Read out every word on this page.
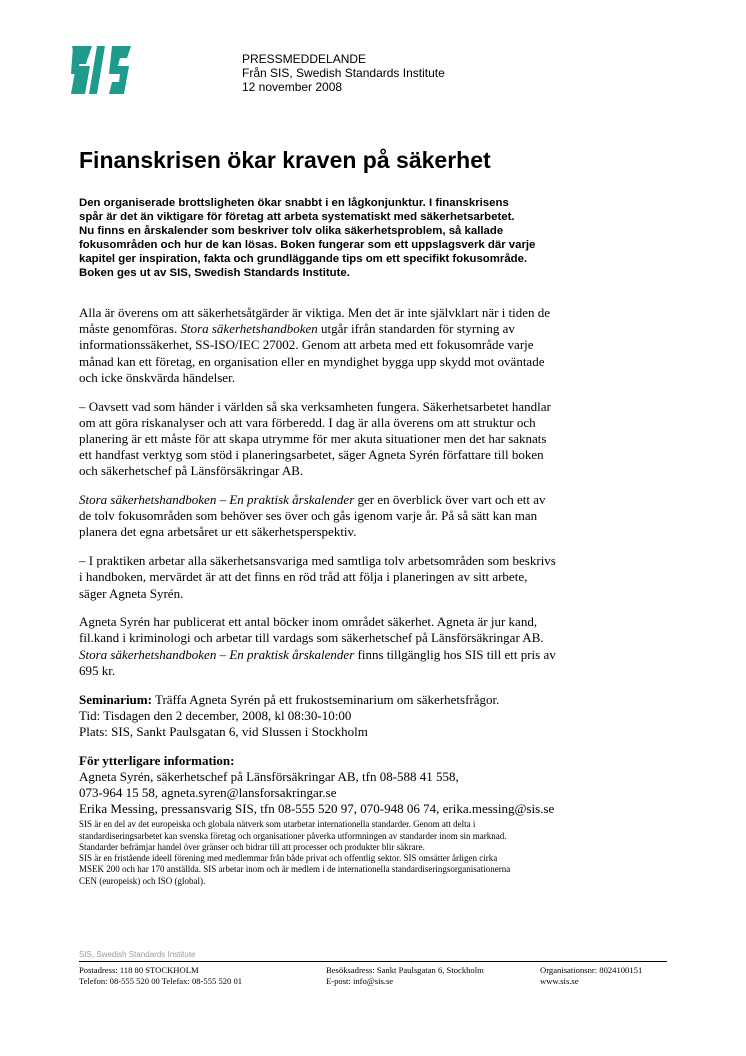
PRESSMEDDELANDE
Från SIS, Swedish Standards Institute
12 november 2008
Finanskrisen ökar kraven på säkerhet

Den organiserade brottsligheten ökar snabbt i en lågkonjunktur. I finanskrisens

spår är det än viktigare för företag att arbeta systematiskt med säkerhetsarbetet.

Nu finns en årskalender som beskriver tolv olika säkerhetsproblem, så kallade

fokusområden och hur de kan lösas. Boken fungerar som ett uppslagsverk där varje

kapitel ger inspiration, fakta och grundläggande tips om ett specifikt fokusområde.

Boken ges ut av SIS, Swedish Standards Institute.

Alla är överens om att säkerhetsåtgärder är viktiga. Men det är inte självklart när i tiden de
måste genomföras. Stora säkerhetshandboken utgår ifrån standarden för styrning av
informationssäkerhet, SS-ISO/IEC 27002. Genom att arbeta med ett fokusområde varje
månad kan ett företag, en organisation eller en myndighet bygga upp skydd mot oväntade
och icke önskvärda händelser.

– Oavsett vad som händer i världen så ska verksamheten fungera. Säkerhetsarbetet handlar
om att göra riskanalyser och att vara förberedd. I dag är alla överens om att struktur och
planering är ett måste för att skapa utrymme för mer akuta situationer men det har saknats
ett handfast verktyg som stöd i planeringsarbetet, säger Agneta Syrén författare till boken
och säkerhetschef på Länsförsäkringar AB.

Stora säkerhetshandboken – En praktisk årskalender ger en överblick över vart och ett av
de tolv fokusområden som behöver ses över och gås igenom varje år. På så sätt kan man
planera det egna arbetsåret ur ett säkerhetsperspektiv.

– I praktiken arbetar alla säkerhetsansvariga med samtliga tolv arbetsområden som beskrivs
i handboken, mervärdet är att det finns en röd tråd att följa i planeringen av sitt arbete,
säger Agneta Syrén.

Agneta Syrén har publicerat ett antal böcker inom området säkerhet. Agneta är jur kand,
fil.kand i kriminologi och arbetar till vardags som säkerhetschef på Länsförsäkringar AB.
Stora säkerhetshandboken – En praktisk årskalender finns tillgänglig hos SIS till ett pris av
695 kr.

Seminarium: Träffa Agneta Syrén på ett frukostseminarium om säkerhetsfrågor.
Tid: Tisdagen den 2 december, 2008, kl 08:30-10:00
Plats: SIS, Sankt Paulsgatan 6, vid Slussen i Stockholm

För ytterligare information:
Agneta Syrén, säkerhetschef på Länsförsäkringar AB, tfn 08-588 41 558,
073-964 15 58, agneta.syren@lansforsakringar.se
Erika Messing, pressansvarig SIS, tfn 08-555 520 97, 070-948 06 74, erika.messing@sis.se
SIS är en del av det europeiska och globala nätverk som utarbetar internationella standarder. Genom att delta i
standardiseringsarbetet kan svenska företag och organisationer påverka utformningen av standarder inom sin marknad.
Standarder befrämjar handel över gränser och bidrar till att processer och produkter blir säkrare.
SIS är en fristående ideell förening med medlemmar från både privat och offentlig sektor. SIS omsätter årligen cirka
MSEK 200 och har 170 anställda. SIS arbetar inom och är medlem i de internationella standardiseringsorganisationerna
CEN (europeisk) och ISO (global).
SIS, Swedish Standards Institute
Postadress: 118 80 STOCKHOLM
Telefon: 08-555 520 00 Telefax: 08-555 520 01
Besöksadress: Sankt Paulsgatan 6, Stockholm
E-post: info@sis.se
Organisationsnr: 8024100151
www.sis.se
